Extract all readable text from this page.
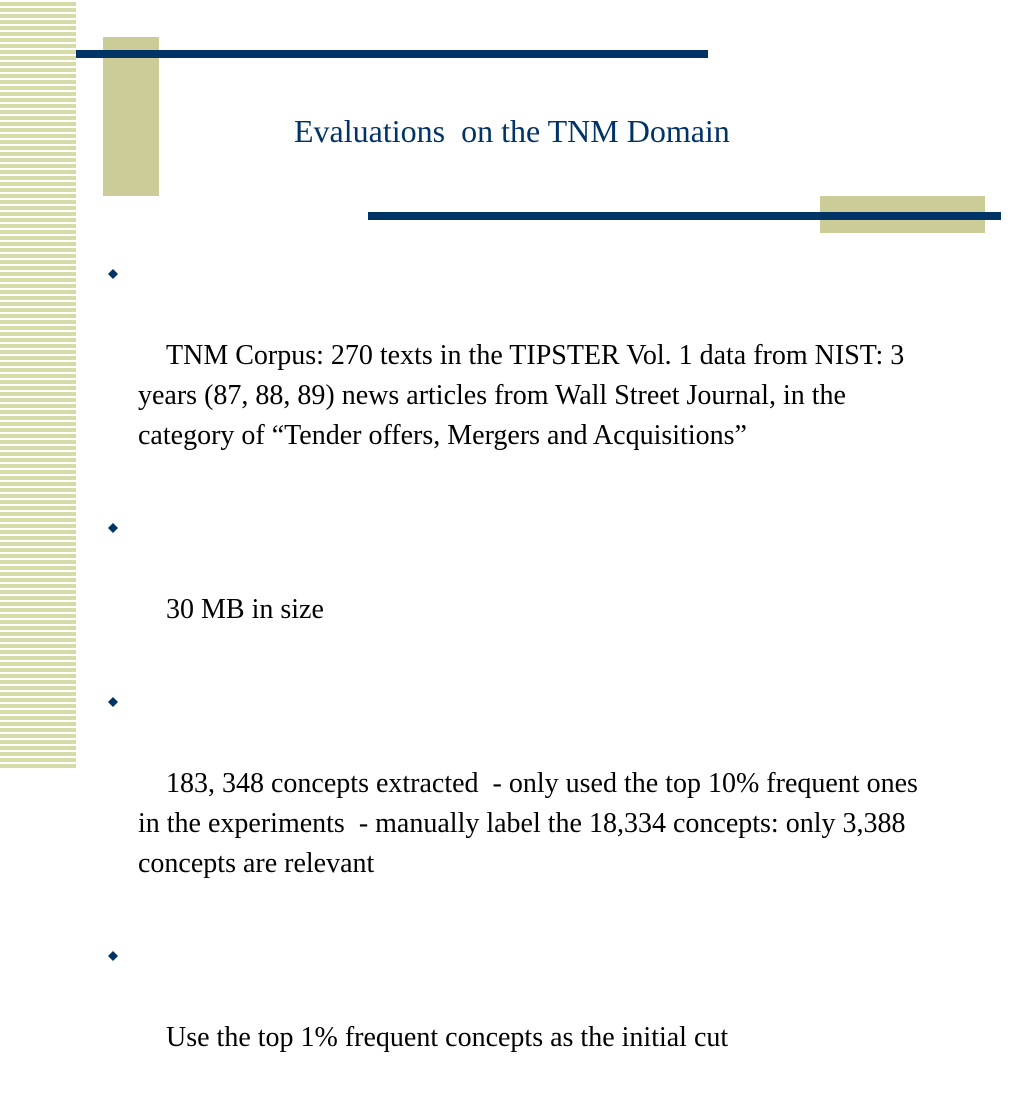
Evaluations  on the TNM Domain

TNM Corpus: 270 texts in the TIPSTER Vol. 1 data from NIST: 3 years (87, 88, 89) news articles from Wall Street Journal, in the category of “Tender offers, Mergers and Acquisitions”

30 MB in size

183, 348 concepts extracted  - only used the top 10% frequent ones in the experiments  - manually label the 18,334 concepts: only 3,388 concepts are relevant

Use the top 1% frequent concepts as the initial cut
